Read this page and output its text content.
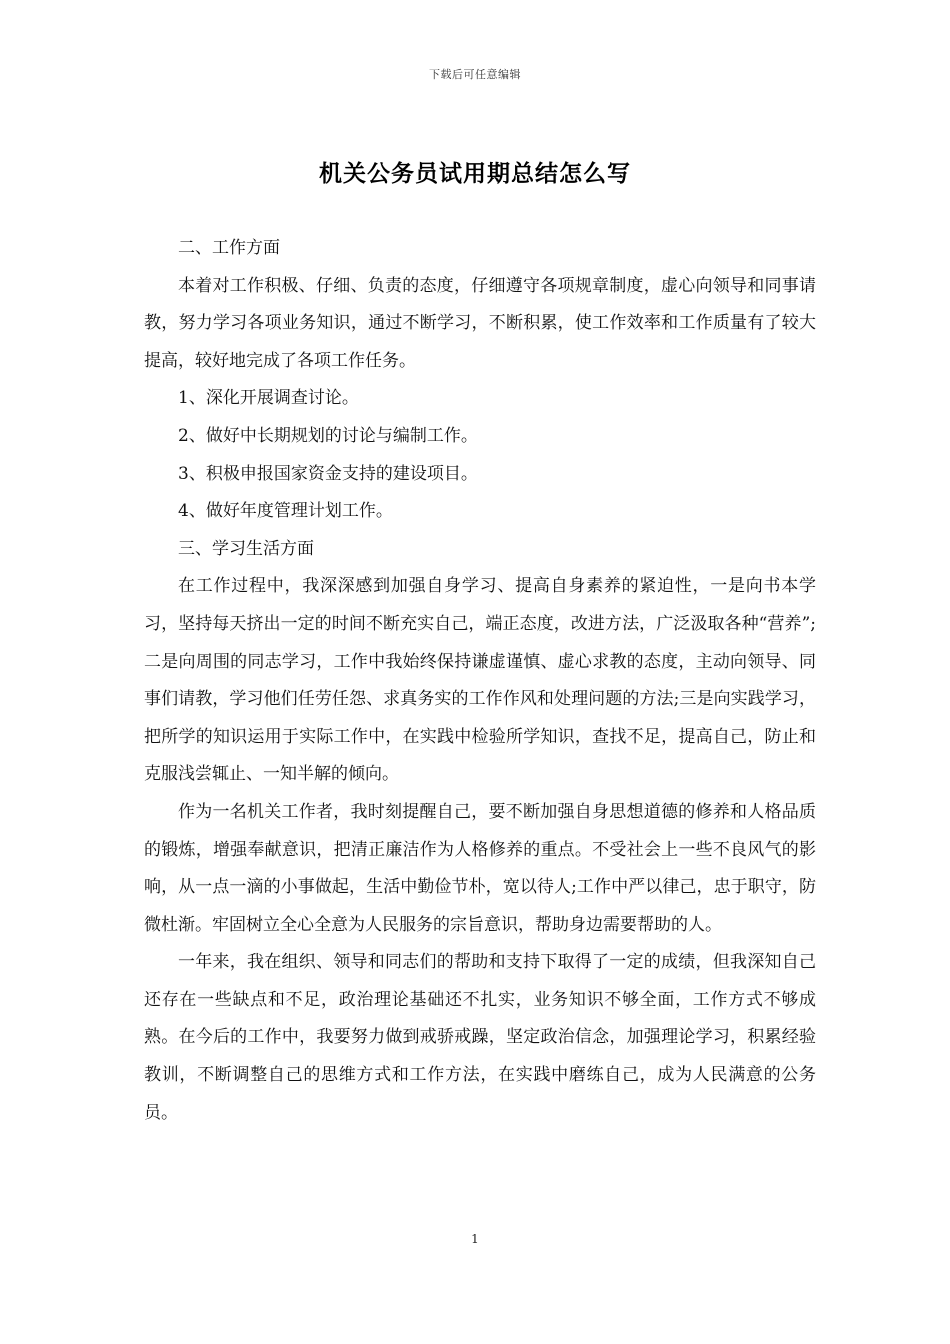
下载后可任意编辑
机关公务员试用期总结怎么写

二、工作方面

本着对工作积极、仔细、负责的态度，仔细遵守各项规章制度，虚心向领导和同事请教，努力学习各项业务知识，通过不断学习，不断积累，使工作效率和工作质量有了较大提高，较好地完成了各项工作任务。

1、深化开展调查讨论。

2、做好中长期规划的讨论与编制工作。

3、积极申报国家资金支持的建设项目。

4、做好年度管理计划工作。

三、学习生活方面

在工作过程中，我深深感到加强自身学习、提高自身素养的紧迫性，一是向书本学习，坚持每天挤出一定的时间不断充实自己，端正态度，改进方法，广泛汲取各种“营养”;二是向周围的同志学习，工作中我始终保持谦虚谨慎、虚心求教的态度，主动向领导、同事们请教，学习他们任劳任怨、求真务实的工作作风和处理问题的方法;三是向实践学习，把所学的知识运用于实际工作中，在实践中检验所学知识，查找不足，提高自己，防止和克服浅尝辄止、一知半解的倾向。

作为一名机关工作者，我时刻提醒自己，要不断加强自身思想道德的修养和人格品质的锻炼，增强奉献意识，把清正廉洁作为人格修养的重点。不受社会上一些不良风气的影响，从一点一滴的小事做起，生活中勤俭节朴，宽以待人;工作中严以律己，忠于职守，防微杜渐。牢固树立全心全意为人民服务的宗旨意识，帮助身边需要帮助的人。

一年来，我在组织、领导和同志们的帮助和支持下取得了一定的成绩，但我深知自己还存在一些缺点和不足，政治理论基础还不扎实，业务知识不够全面，工作方式不够成熟。在今后的工作中，我要努力做到戒骄戒躁，坚定政治信念，加强理论学习，积累经验教训，不断调整自己的思维方式和工作方法，在实践中磨练自己，成为人民满意的公务员。

1
